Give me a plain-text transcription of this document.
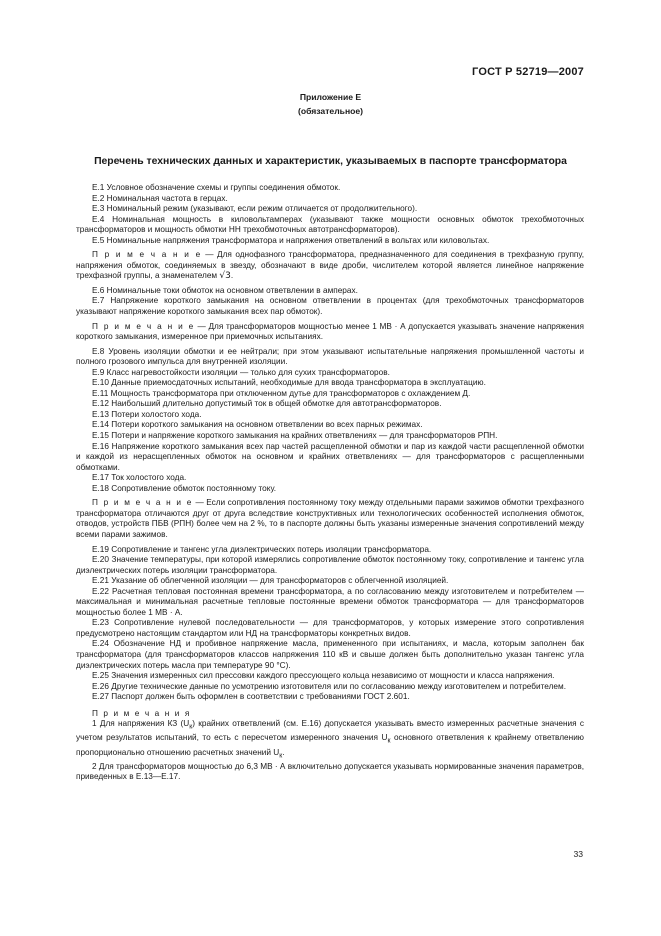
ГОСТ Р 52719—2007
Приложение Е
(обязательное)
Перечень технических данных и характеристик, указываемых в паспорте трансформатора

Е.1 Условное обозначение схемы и группы соединения обмоток.

Е.2 Номинальная частота в герцах.

Е.3 Номинальный режим (указывают, если режим отличается от продолжительного).

Е.4 Номинальная мощность в киловольтамперах (указывают также мощности основных обмоток трехобмоточных трансформаторов и мощность обмотки НН трехобмоточных автотрансформаторов).

Е.5 Номинальные напряжения трансформатора и напряжения ответвлений в вольтах или киловольтах.

П р и м е ч а н и е — Для однофазного трансформатора, предназначенного для соединения в трехфазную группу, напряжения обмоток, соединяемых в звезду, обозначают в виде дроби, числителем которой является линейное напряжение трехфазной группы, а знаменателем √3.

Е.6 Номинальные токи обмоток на основном ответвлении в амперах.

Е.7 Напряжение короткого замыкания на основном ответвлении в процентах (для трехобмоточных трансформаторов указывают напряжение короткого замыкания всех пар обмоток).

П р и м е ч а н и е — Для трансформаторов мощностью менее 1 МВ · А допускается указывать значение напряжения короткого замыкания, измеренное при приемочных испытаниях.

Е.8 Уровень изоляции обмотки и ее нейтрали; при этом указывают испытательные напряжения промышленной частоты и полного грозового импульса для внутренней изоляции.

Е.9 Класс нагревостойкости изоляции — только для сухих трансформаторов.

Е.10 Данные приемосдаточных испытаний, необходимые для ввода трансформатора в эксплуатацию.

Е.11 Мощность трансформатора при отключенном дутье для трансформаторов с охлаждением Д.

Е.12 Наибольший длительно допустимый ток в общей обмотке для автотрансформаторов.

Е.13 Потери холостого хода.

Е.14 Потери короткого замыкания на основном ответвлении во всех парных режимах.

Е.15 Потери и напряжение короткого замыкания на крайних ответвлениях — для трансформаторов РПН.

Е.16 Напряжение короткого замыкания всех пар частей расщепленной обмотки и пар из каждой части расщепленной обмотки и каждой из нерасщепленных обмоток на основном и крайних ответвлениях — для трансформаторов с расщепленными обмотками.

Е.17 Ток холостого хода.

Е.18 Сопротивление обмоток постоянному току.

П р и м е ч а н и е — Если сопротивления постоянному току между отдельными парами зажимов обмотки трехфазного трансформатора отличаются друг от друга вследствие конструктивных или технологических особенностей исполнения обмоток, отводов, устройств ПБВ (РПН) более чем на 2 %, то в паспорте должны быть указаны измеренные значения сопротивлений между всеми парами зажимов.

Е.19 Сопротивление и тангенс угла диэлектрических потерь изоляции трансформатора.

Е.20 Значение температуры, при которой измерялись сопротивление обмоток постоянному току, сопротивление и тангенс угла диэлектрических потерь изоляции трансформатора.

Е.21 Указание об облегченной изоляции — для трансформаторов с облегченной изоляцией.

Е.22 Расчетная тепловая постоянная времени трансформатора, а по согласованию между изготовителем и потребителем — максимальная и минимальная расчетные тепловые постоянные времени обмоток трансформатора — для трансформаторов мощностью более 1 МВ · А.

Е.23 Сопротивление нулевой последовательности — для трансформаторов, у которых измерение этого сопротивления предусмотрено настоящим стандартом или НД на трансформаторы конкретных видов.

Е.24 Обозначение НД и пробивное напряжение масла, примененного при испытаниях, и масла, которым заполнен бак трансформатора (для трансформаторов классов напряжения 110 кВ и свыше должен быть дополнительно указан тангенс угла диэлектрических потерь масла при температуре 90 °С).

Е.25 Значения измеренных сил прессовки каждого прессующего кольца независимо от мощности и класса напряжения.

Е.26 Другие технические данные по усмотрению изготовителя или по согласованию между изготовителем и потребителем.

Е.27 Паспорт должен быть оформлен в соответствии с требованиями ГОСТ 2.601.

П р и м е ч а н и я

1 Для напряжения КЗ $(U_к)$ крайних ответвлений (см. Е.16) допускается указывать вместо измеренных расчетные значения с учетом результатов испытаний, то есть с пересчетом измеренного значения $U_к$ основного ответвления к крайнему ответвлению пропорционально отношению расчетных значений $U_к$.

2 Для трансформаторов мощностью до 6,3 МВ · А включительно допускается указывать нормированные значения параметров, приведенных в Е.13—Е.17.

33
